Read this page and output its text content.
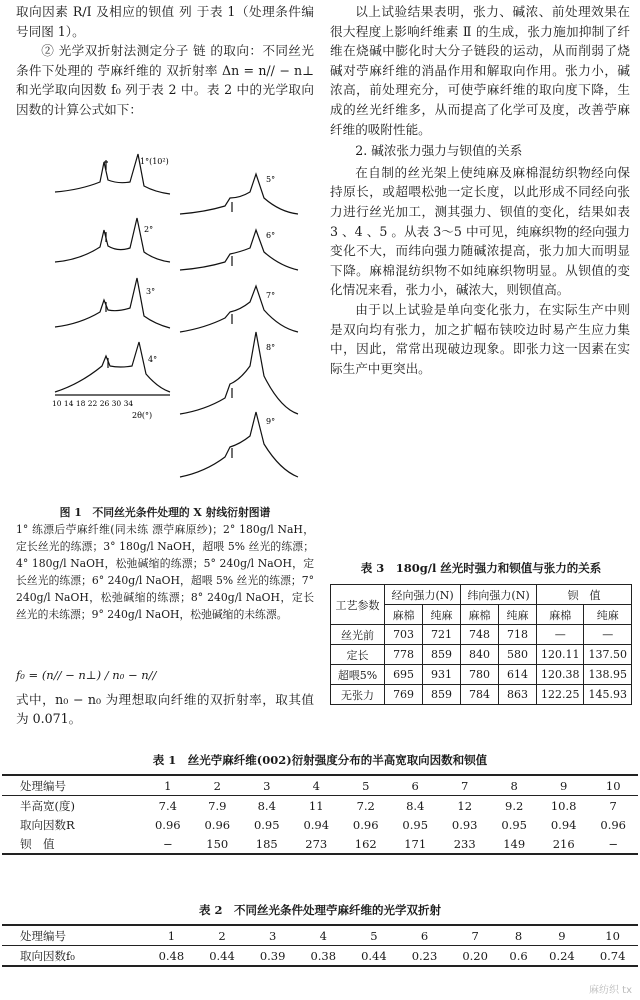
取向因素 R∕I 及相应的钡值 列 于表 1（处理条件编号同图 1）。

② 光学双折射法测定分子 链 的取向：不同丝光条件下处理的 苧麻纤维的 双折射率 Δn = n// − n⊥ 和光学取向因数 f₀ 列于表 2 中。表 2 中的光学取向因数的计算公式如下：

1°(10²)
2°
3°
4°
5°
6°
7°
8°
9°
10 14 18 22 26 30 34
2θ(°)

图 1　不同丝光条件处理的 X 射线衍射图谱

1° 练漂后苧麻纤维(同未练 漂苧麻原纱)；2° 180g/l NaH，定长丝光的练漂；3° 180g/l NaOH，超喂 5% 丝光的练漂；4° 180g/l NaOH，松弛碱缩的练漂；5° 240g/l NaOH，定长丝光的练漂；6° 240g/l NaOH，超喂 5% 丝光的练漂；7° 240g/l NaOH，松弛碱缩的练漂；8° 240g/l NaOH，定长丝光的未练漂；9° 240g/l NaOH，松弛碱缩的未练漂。

f₀ = (n// − n⊥) / n₀ − n//

式中，n₀ − n₀ 为理想取向纤维的双折射率，取其值为 0.071。

以上试验结果表明，张力、碱浓、前处理效果在很大程度上影响纤维素 Ⅱ 的生成，张力施加抑制了纤维在烧碱中膨化时大分子链段的运动，从而削弱了烧碱对苧麻纤维的消晶作用和解取向作用。张力小，碱浓高，前处理充分，可使苧麻纤维的取向度下降，生成的丝光纤维多，从而提高了化学可及度，改善苧麻纤维的吸附性能。

2. 碱浓张力强力与钡值的关系

在自制的丝光架上使纯麻及麻棉混纺织物经向保持原长，或超喂松弛一定长度，以此形成不同经向张力进行丝光加工，测其强力、钡值的变化，结果如表 3 、4 、5 。从表 3～5 中可见，纯麻织物的经向强力变化不大，而纬向强力随碱浓提高，张力加大而明显下降。麻棉混纺织物不如纯麻织物明显。从钡值的变化情况来看，张力小，碱浓大，则钡值高。

由于以上试验是单向变化张力，在实际生产中则是双向均有张力，加之扩幅布铗咬边时易产生应力集中，因此，常常出现破边现象。即张力这一因素在实际生产中更突出。

表 3　180g/l 丝光时强力和钡值与张力的关系
工艺参数	经向强力(N)		纬向强力(N)		钡　值	
	麻棉	纯麻	麻棉	纯麻	麻棉	纯麻
丝光前	703	721	748	718	—	—
定长	778	859	840	580	120.11	137.50
超喂5%	695	931	780	614	120.38	138.95
无张力	769	859	784	863	122.25	145.93
表 1　丝光苧麻纤维(002)衍射强度分布的半高宽取向因数和钡值
处理编号	1	2	3	4	5	6	7	8	9	10
半高宽(度)	7.4	7.9	8.4	11	7.2	8.4	12	9.2	10.8	7
取向因数R	0.96	0.96	0.95	0.94	0.96	0.95	0.93	0.95	0.94	0.96
钡　值	−	150	185	273	162	171	233	149	216	−
表 2　不同丝光条件处理苧麻纤维的光学双折射
处理编号	1	2	3	4	5	6	7	8	9	10
取向因数f₀	0.48	0.44	0.39	0.38	0.44	0.23	0.20	0.6	0.24	0.74
麻纺织 tx
